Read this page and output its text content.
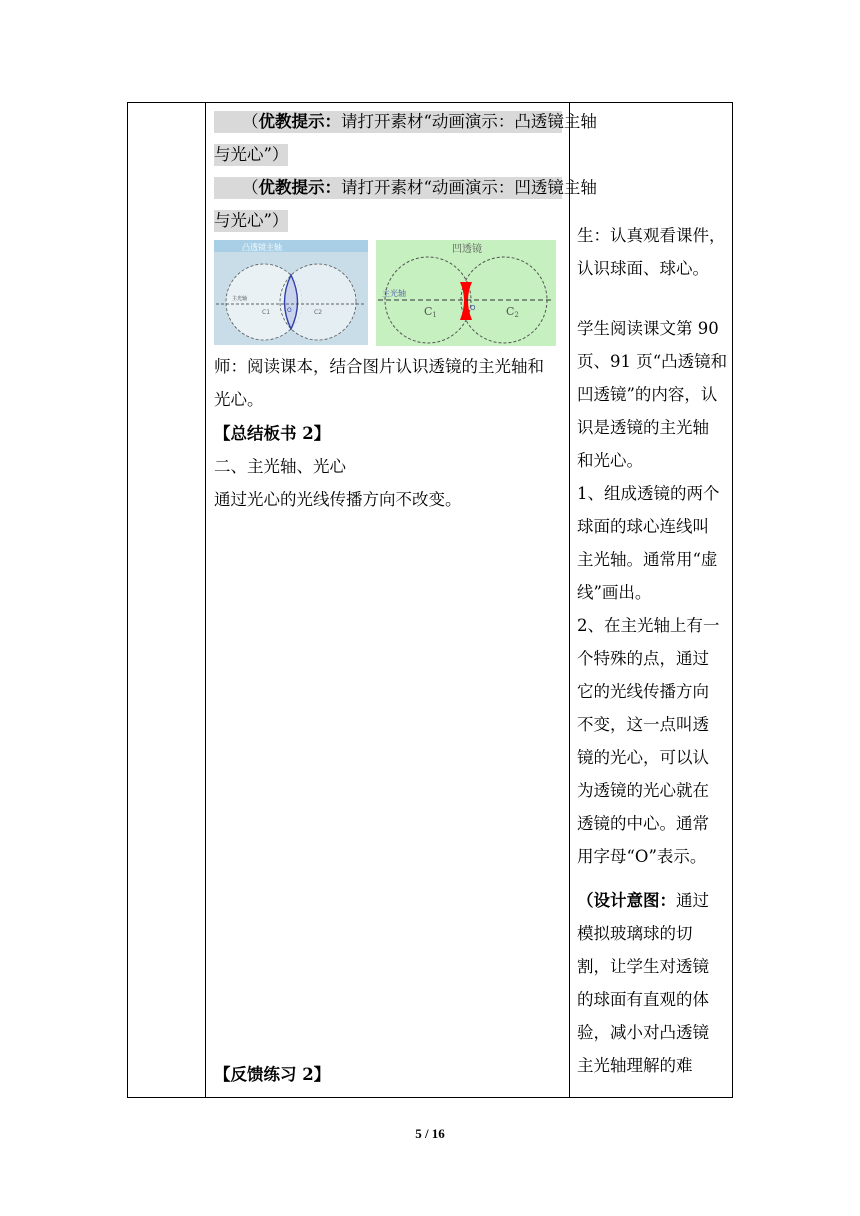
（优教提示：请打开素材“动画演示：凸透镜主轴
与光心”）
（优教提示：请打开素材“动画演示：凹透镜主轴
与光心”）
凸透镜主轴
主光轴
C1	O	C2
凹透镜
主光轴
C1
O	C2
师：阅读课本，结合图片认识透镜的主光轴和
光心。
【总结板书 2】
二、主光轴、光心
通过光心的光线传播方向不改变。
【反馈练习 2】
生：认真观看课件，
认识球面、球心。
学生阅读课文第 90
页、91 页“凸透镜和
凹透镜”的内容，认
识是透镜的主光轴
和光心。
1、组成透镜的两个
球面的球心连线叫
主光轴。通常用“虚
线”画出。
2、在主光轴上有一
个特殊的点，通过
它的光线传播方向
不变，这一点叫透
镜的光心，可以认
为透镜的光心就在
透镜的中心。通常
用字母“O”表示。
（设计意图：通过
模拟玻璃球的切
割，让学生对透镜
的球面有直观的体
验，减小对凸透镜
主光轴理解的难
5 / 16
